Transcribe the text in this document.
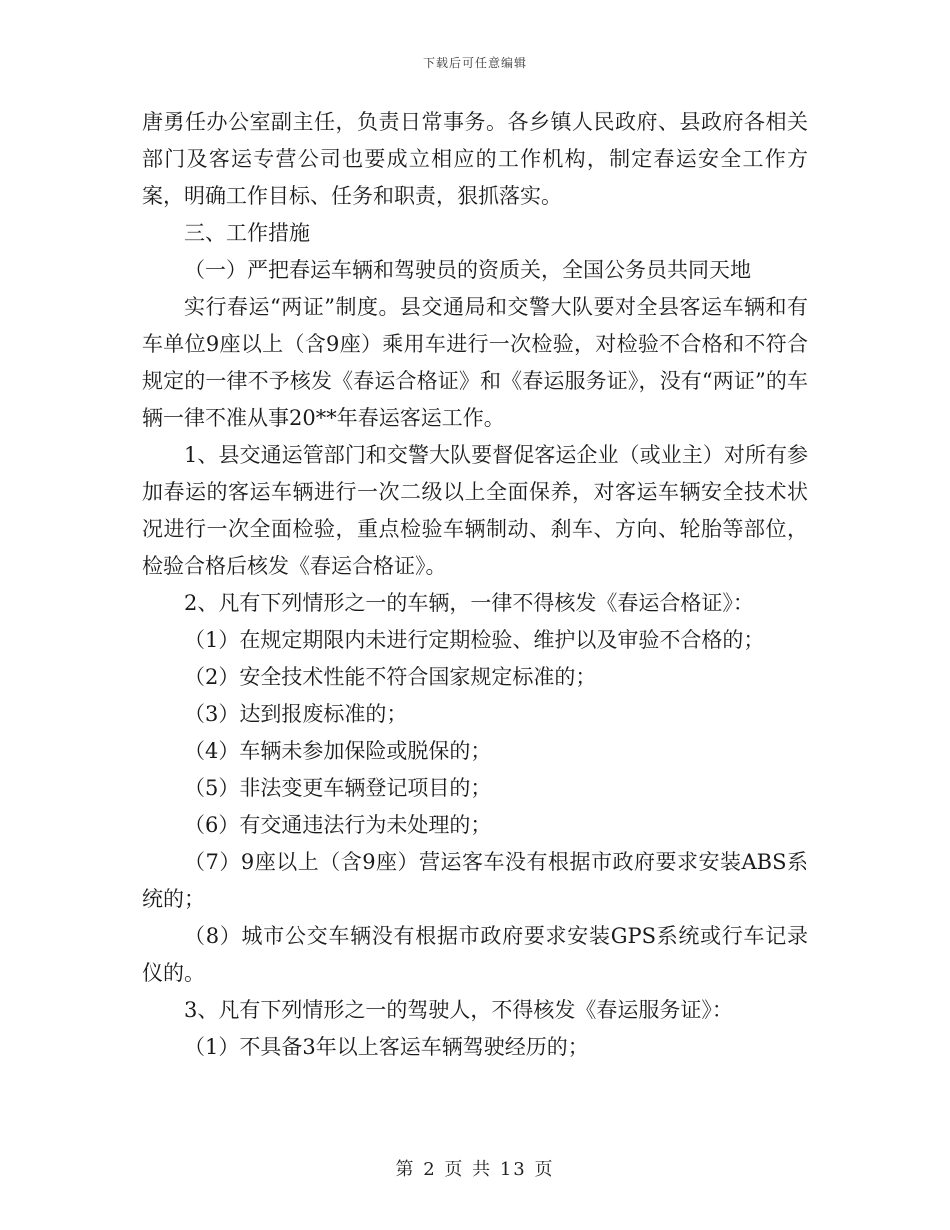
下载后可任意编辑

唐勇任办公室副主任，负责日常事务。各乡镇人民政府、县政府各相关部门及客运专营公司也要成立相应的工作机构，制定春运安全工作方案，明确工作目标、任务和职责，狠抓落实。

三、工作措施

（一）严把春运车辆和驾驶员的资质关，全国公务员共同天地

实行春运“两证”制度。县交通局和交警大队要对全县客运车辆和有车单位9座以上（含9座）乘用车进行一次检验，对检验不合格和不符合规定的一律不予核发《春运合格证》和《春运服务证》，没有“两证”的车辆一律不准从事20**年春运客运工作。

1、县交通运管部门和交警大队要督促客运企业（或业主）对所有参加春运的客运车辆进行一次二级以上全面保养，对客运车辆安全技术状况进行一次全面检验，重点检验车辆制动、刹车、方向、轮胎等部位，检验合格后核发《春运合格证》。

2、凡有下列情形之一的车辆，一律不得核发《春运合格证》：

（1）在规定期限内未进行定期检验、维护以及审验不合格的；

（2）安全技术性能不符合国家规定标准的；

（3）达到报废标准的；

（4）车辆未参加保险或脱保的；

（5）非法变更车辆登记项目的；

（6）有交通违法行为未处理的；

（7）9座以上（含9座）营运客车没有根据市政府要求安装ABS系统的；

（8）城市公交车辆没有根据市政府要求安装GPS系统或行车记录仪的。

3、凡有下列情形之一的驾驶人，不得核发《春运服务证》：

（1）不具备3年以上客运车辆驾驶经历的；

第 2 页 共 13 页
